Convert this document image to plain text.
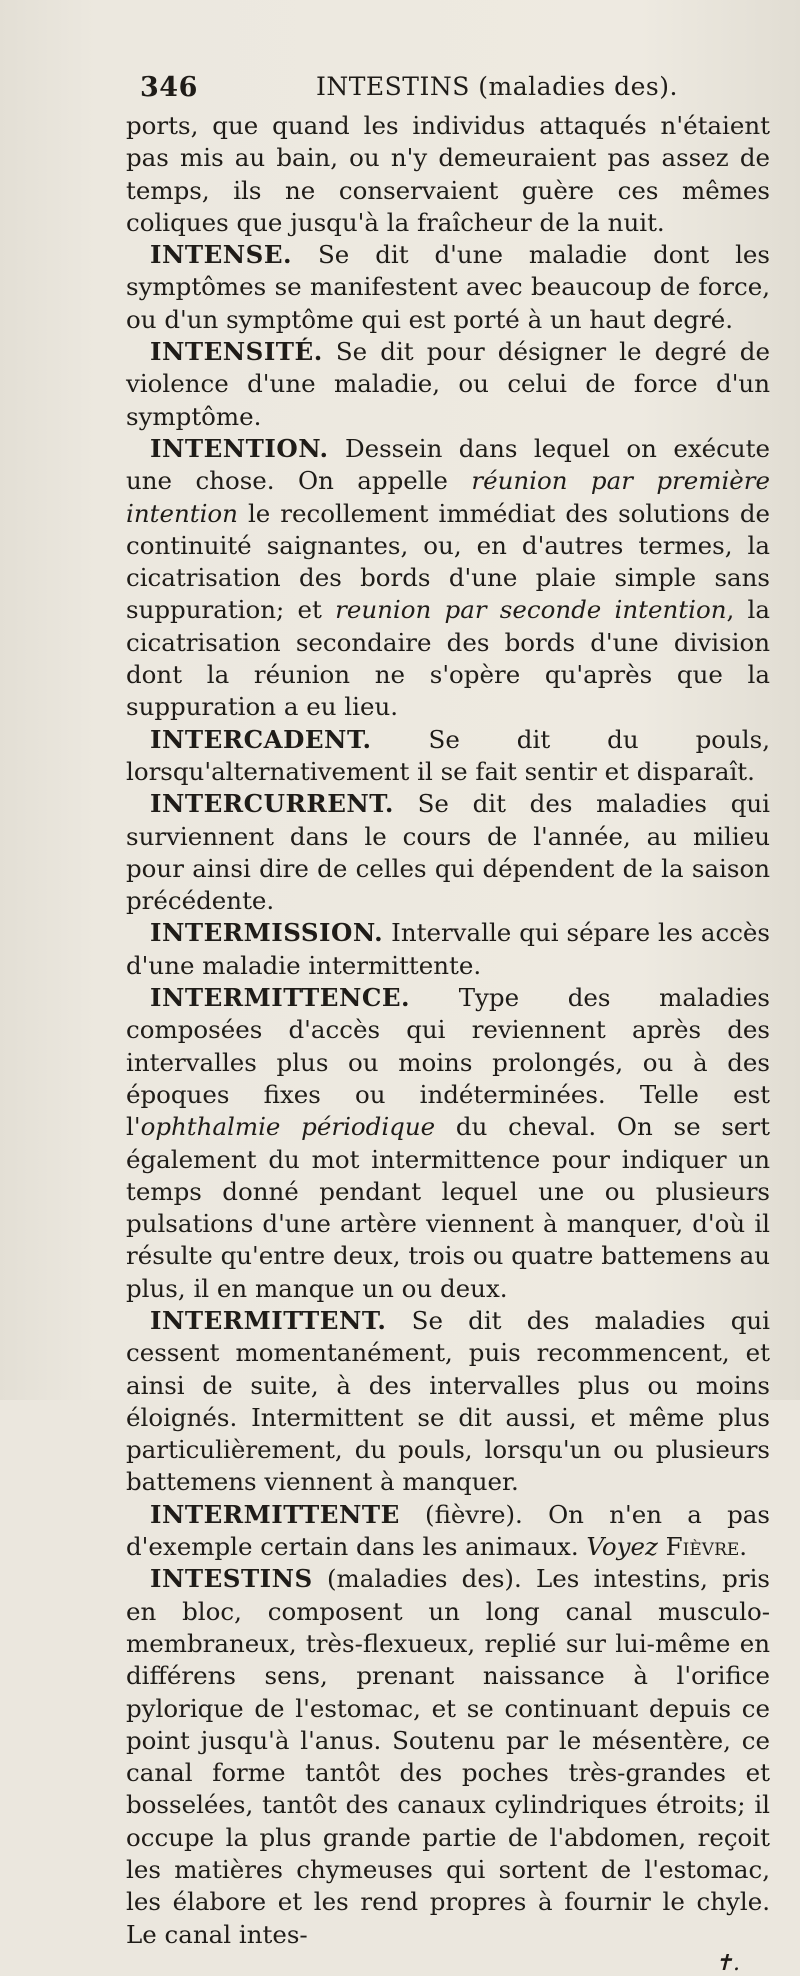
346	INTESTINS (maladies des).

ports, que quand les individus attaqués n'étaient pas mis au bain, ou n'y demeuraient pas assez de temps, ils ne conservaient guère ces mêmes coliques que jusqu'à la fraîcheur de la nuit.

INTENSE. Se dit d'une maladie dont les symptômes se manifestent avec beaucoup de force, ou d'un symptôme qui est porté à un haut degré.

INTENSITÉ. Se dit pour désigner le degré de violence d'une maladie, ou celui de force d'un symptôme.

INTENTION. Dessein dans lequel on exécute une chose. On appelle réunion par première intention le recollement immédiat des solutions de continuité saignantes, ou, en d'autres termes, la cicatrisation des bords d'une plaie simple sans suppuration; et reunion par seconde intention, la cicatrisation secondaire des bords d'une division dont la réunion ne s'opère qu'après que la suppuration a eu lieu.

INTERCADENT. Se dit du pouls, lorsqu'alternativement il se fait sentir et disparaît.

INTERCURRENT. Se dit des maladies qui surviennent dans le cours de l'année, au milieu pour ainsi dire de celles qui dépendent de la saison précédente.

INTERMISSION. Intervalle qui sépare les accès d'une maladie intermittente.

INTERMITTENCE. Type des maladies composées d'accès qui reviennent après des intervalles plus ou moins prolongés, ou à des époques fixes ou indéterminées. Telle est l'ophthalmie périodique du cheval. On se sert également du mot intermittence pour indiquer un temps donné pendant lequel une ou plusieurs pulsations d'une artère viennent à manquer, d'où il résulte qu'entre deux, trois ou quatre battemens au plus, il en manque un ou deux.

INTERMITTENT. Se dit des maladies qui cessent momentanément, puis recommencent, et ainsi de suite, à des intervalles plus ou moins éloignés. Intermittent se dit aussi, et même plus particulièrement, du pouls, lorsqu'un ou plusieurs battemens viennent à manquer.

INTERMITTENTE (fièvre). On n'en a pas d'exemple certain dans les animaux. Voyez Fièvre.

INTESTINS (maladies des). Les intestins, pris en bloc, composent un long canal musculo-membraneux, très-flexueux, replié sur lui-même en différens sens, prenant naissance à l'orifice pylorique de l'estomac, et se continuant depuis ce point jusqu'à l'anus. Soutenu par le mésentère, ce canal forme tantôt des poches très-grandes et bosselées, tantôt des canaux cylindriques étroits; il occupe la plus grande partie de l'abdomen, reçoit les matières chymeuses qui sortent de l'estomac, les élabore et les rend propres à fournir le chyle. Le canal intes-

✝.
